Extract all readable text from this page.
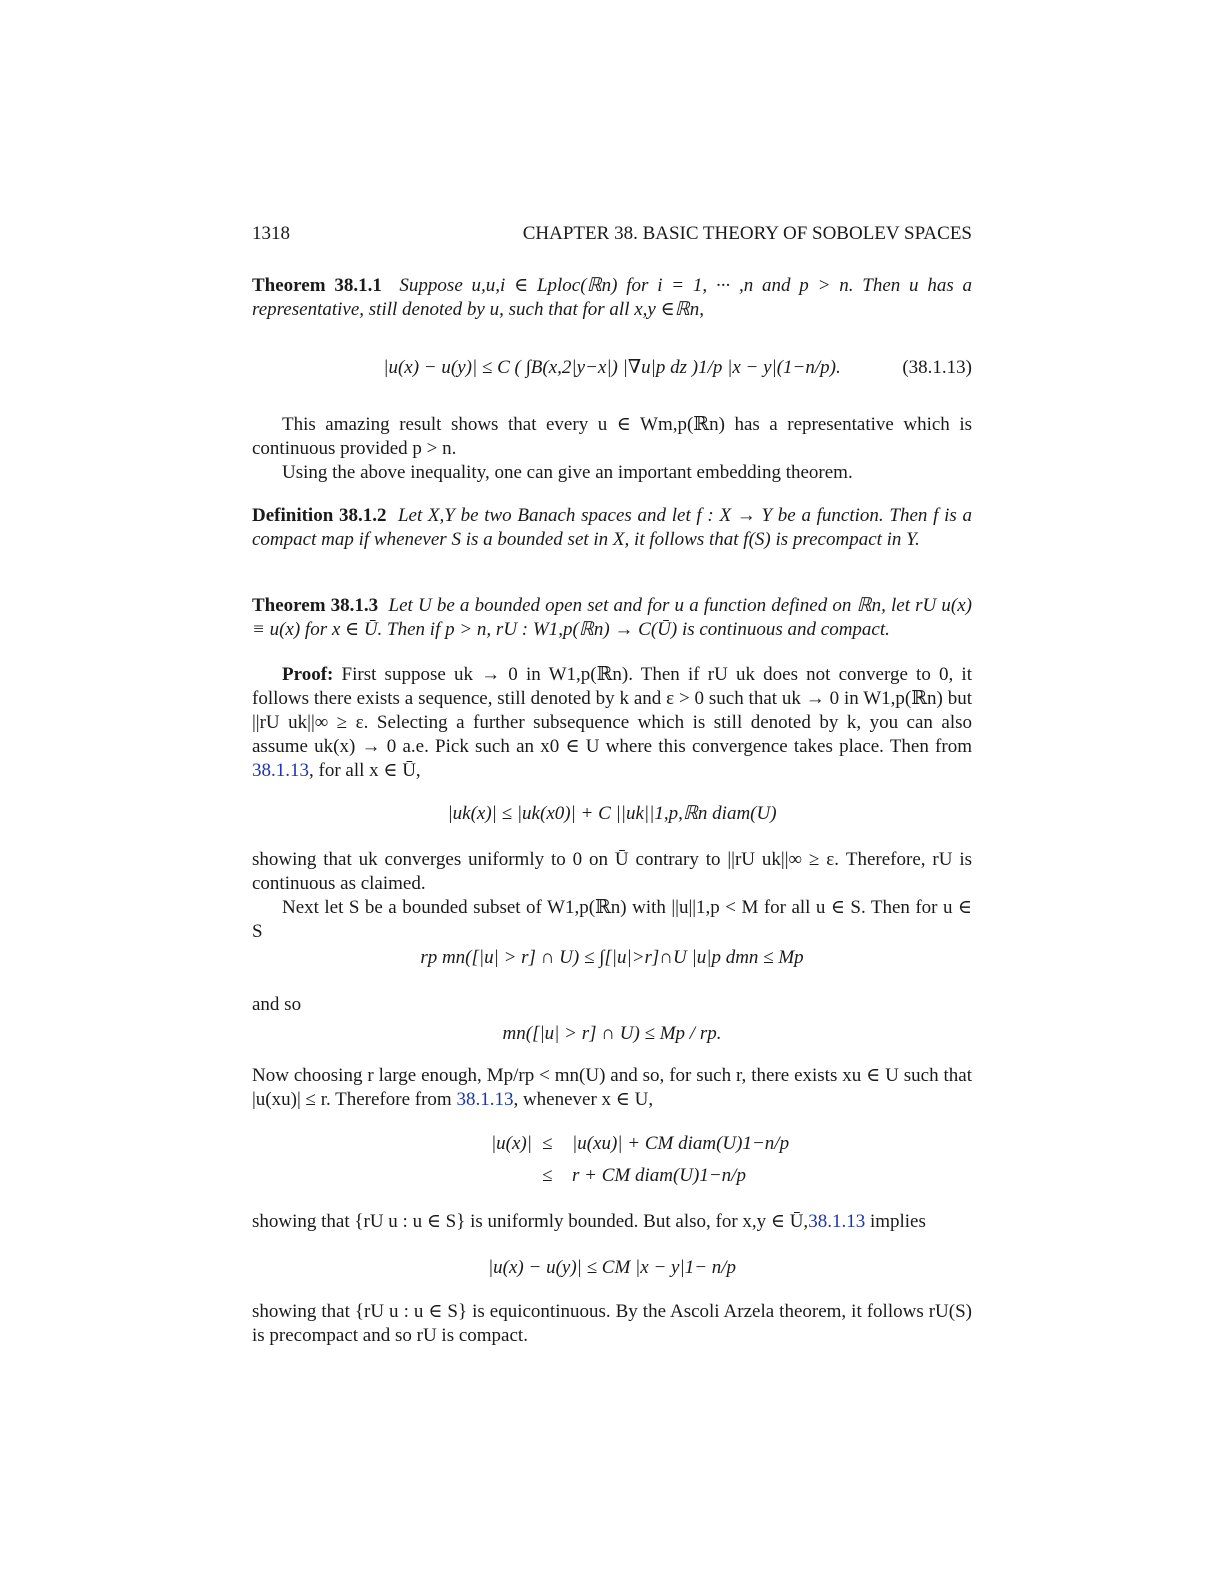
1318	CHAPTER 38. BASIC THEORY OF SOBOLEV SPACES

Theorem 38.1.1 Suppose u,u,i ∈ Lploc(ℝn) for i = 1, ··· ,n and p > n. Then u has a representative, still denoted by u, such that for all x,y ∈ℝn,

|u(x) − u(y)| ≤ C ( ∫B(x,2|y−x|) |∇u|p dz )1/p |x − y|(1−n/p).	(38.1.13)

This amazing result shows that every u ∈ Wm,p(ℝn) has a representative which is continuous provided p > n.

Using the above inequality, one can give an important embedding theorem.

Definition 38.1.2 Let X,Y be two Banach spaces and let f : X → Y be a function. Then f is a compact map if whenever S is a bounded set in X, it follows that f(S) is precompact in Y.

Theorem 38.1.3 Let U be a bounded open set and for u a function defined on ℝn, let rU u(x) ≡ u(x) for x ∈ Ū. Then if p > n, rU : W1,p(ℝn) → C(Ū) is continuous and compact.

Proof: First suppose uk → 0 in W1,p(ℝn). Then if rU uk does not converge to 0, it follows there exists a sequence, still denoted by k and ε > 0 such that uk → 0 in W1,p(ℝn) but ||rU uk||∞ ≥ ε. Selecting a further subsequence which is still denoted by k, you can also assume uk(x) → 0 a.e. Pick such an x0 ∈ U where this convergence takes place. Then from 38.1.13, for all x ∈ Ū,

|uk(x)| ≤ |uk(x0)| + C ||uk||1,p,ℝn diam(U)

showing that uk converges uniformly to 0 on Ū contrary to ||rU uk||∞ ≥ ε. Therefore, rU is continuous as claimed.

Next let S be a bounded subset of W1,p(ℝn) with ||u||1,p < M for all u ∈ S. Then for u ∈ S

rp mn([|u| > r] ∩ U) ≤ ∫[|u|>r]∩U |u|p dmn ≤ Mp

and so

mn([|u| > r] ∩ U) ≤ Mp / rp.

Now choosing r large enough, Mp/rp < mn(U) and so, for such r, there exists xu ∈ U such that |u(xu)| ≤ r. Therefore from 38.1.13, whenever x ∈ U,

|u(x)| ≤ |u(xu)| + CM diam(U)1−n/p
≤ r + CM diam(U)1−n/p

showing that {rU u : u ∈ S} is uniformly bounded. But also, for x,y ∈ Ū,38.1.13 implies

|u(x) − u(y)| ≤ CM |x − y|1− n/p

showing that {rU u : u ∈ S} is equicontinuous. By the Ascoli Arzela theorem, it follows rU(S) is precompact and so rU is compact.
